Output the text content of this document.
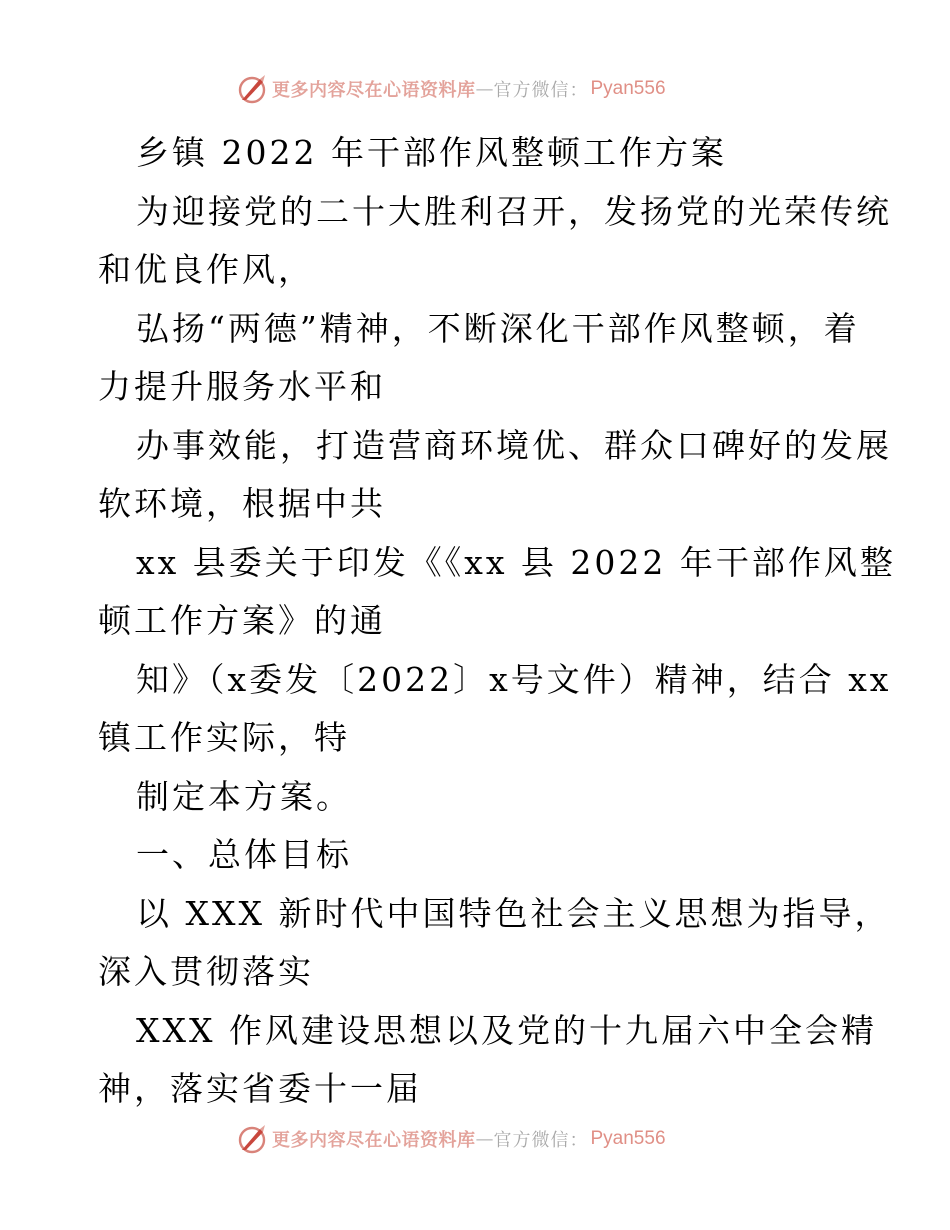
更多内容尽在心语资料库 — 官方微信： Pyan556
乡镇 2022 年干部作风整顿工作方案
为迎接党的二十大胜利召开，发扬党的光荣传统
和优良作风，
弘扬“两德”精神，不断深化干部作风整顿，着
力提升服务水平和
办事效能，打造营商环境优、群众口碑好的发展
软环境，根据中共
xx 县委关于印发《《xx 县 2022 年干部作风整
顿工作方案》的通
知》（x委发〔2022〕x号文件）精神，结合 xx
镇工作实际，特
制定本方案。
一、总体目标
以 XXX 新时代中国特色社会主义思想为指导，
深入贯彻落实
XXX 作风建设思想以及党的十九届六中全会精
神，落实省委十一届
更多内容尽在心语资料库 — 官方微信： Pyan556
